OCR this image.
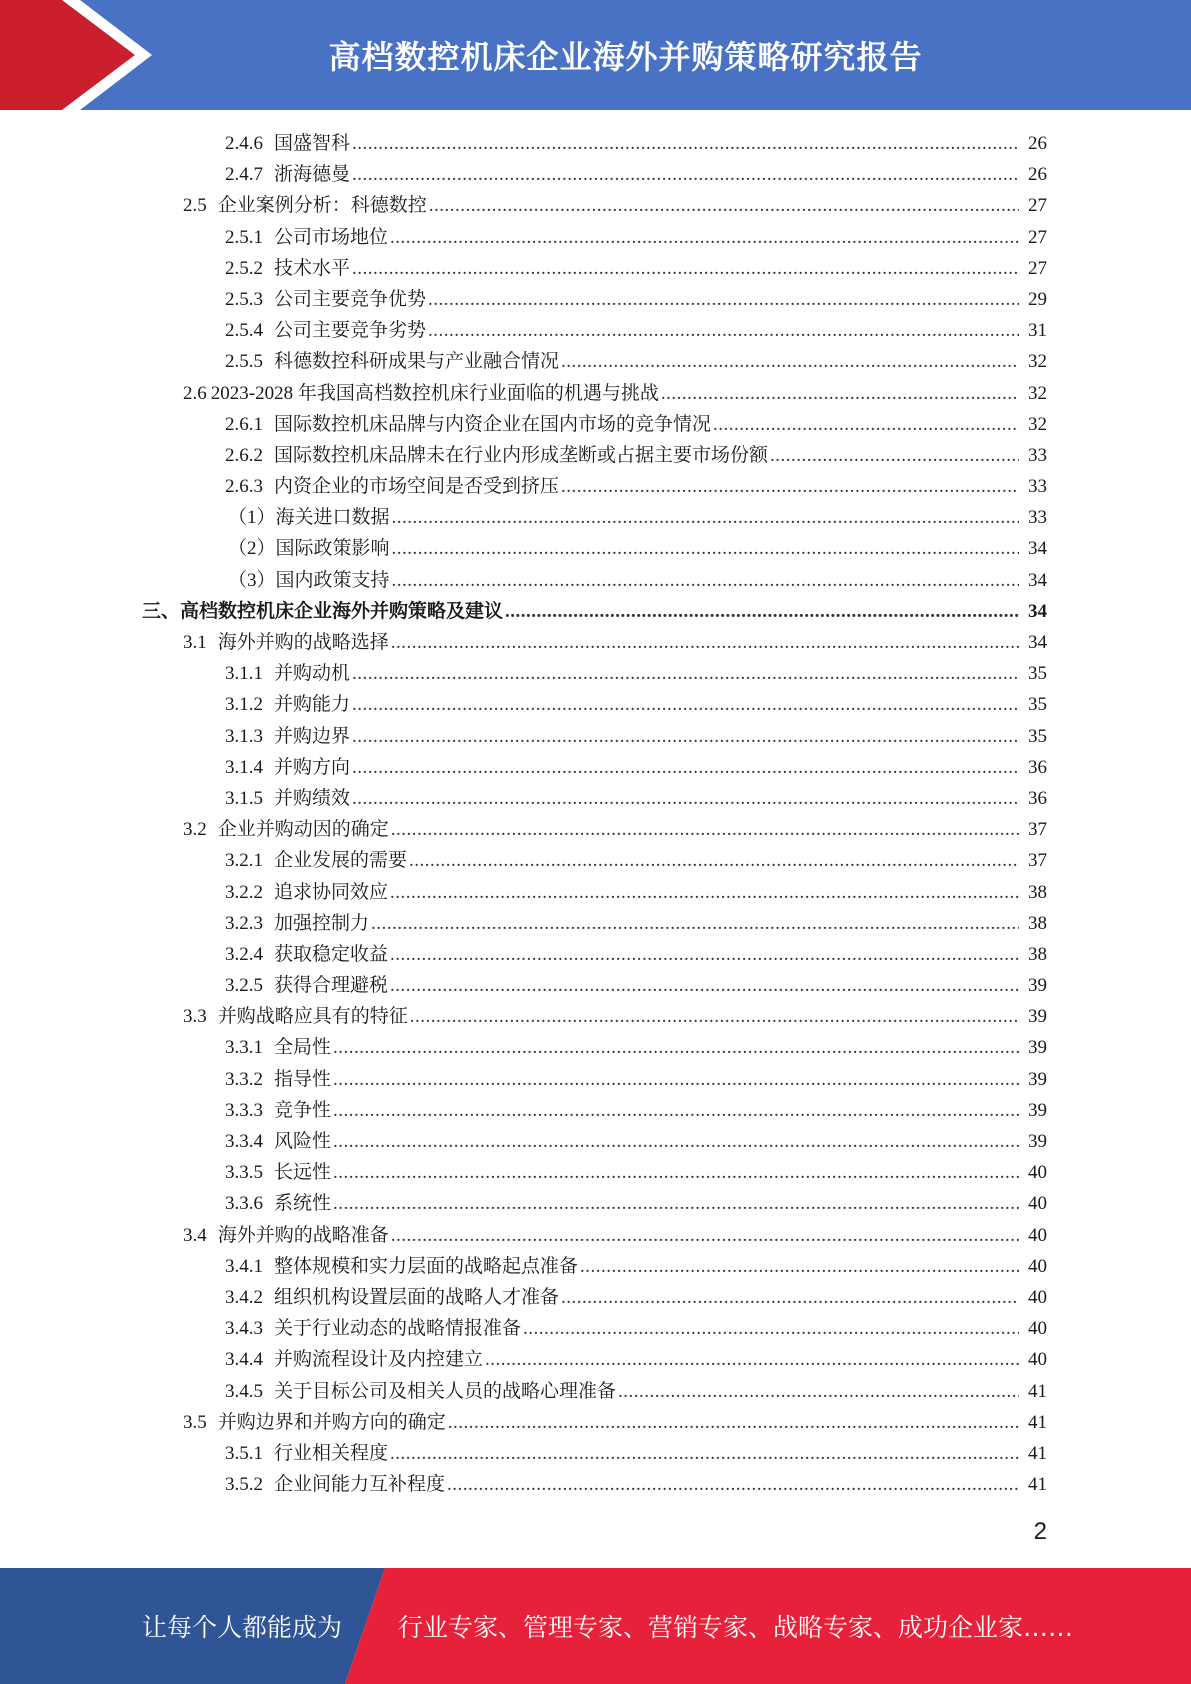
高档数控机床企业海外并购策略研究报告
2.4.6 国盛智科 .....	26
2.4.7 浙海德曼 .....	26
2.5 企业案例分析：科德数控 .....	27
2.5.1 公司市场地位 .....	27
2.5.2 技术水平 .....	27
2.5.3 公司主要竞争优势 .....	29
2.5.4 公司主要竞争劣势 .....	31
2.5.5 科德数控科研成果与产业融合情况 .....	32
2.6 2023-2028 年我国高档数控机床行业面临的机遇与挑战 .....	32
2.6.1 国际数控机床品牌与内资企业在国内市场的竞争情况 .....	32
2.6.2 国际数控机床品牌未在行业内形成垄断或占据主要市场份额 .....	33
2.6.3 内资企业的市场空间是否受到挤压 .....	33
（1） 海关进口数据 .....	33
（2） 国际政策影响 .....	34
（3） 国内政策支持 .....	34
三、 高档数控机床企业海外并购策略及建议 .....	34
3.1 海外并购的战略选择 .....	34
3.1.1 并购动机 .....	35
3.1.2 并购能力 .....	35
3.1.3 并购边界 .....	35
3.1.4 并购方向 .....	36
3.1.5 并购绩效 .....	36
3.2 企业并购动因的确定 .....	37
3.2.1 企业发展的需要 .....	37
3.2.2 追求协同效应 .....	38
3.2.3 加强控制力 .....	38
3.2.4 获取稳定收益 .....	38
3.2.5 获得合理避税 .....	39
3.3 并购战略应具有的特征 .....	39
3.3.1 全局性 .....	39
3.3.2 指导性 .....	39
3.3.3 竞争性 .....	39
3.3.4 风险性 .....	39
3.3.5 长远性 .....	40
3.3.6 系统性 .....	40
3.4 海外并购的战略准备 .....	40
3.4.1 整体规模和实力层面的战略起点准备 .....	40
3.4.2 组织机构设置层面的战略人才准备 .....	40
3.4.3 关于行业动态的战略情报准备 .....	40
3.4.4 并购流程设计及内控建立 .....	40
3.4.5 关于目标公司及相关人员的战略心理准备 .....	41
3.5 并购边界和并购方向的确定 .....	41
3.5.1 行业相关程度 .....	41
3.5.2 企业间能力互补程度 .....	41
2
让每个人都能成为 行业专家、管理专家、营销专家、战略专家、成功企业家……
